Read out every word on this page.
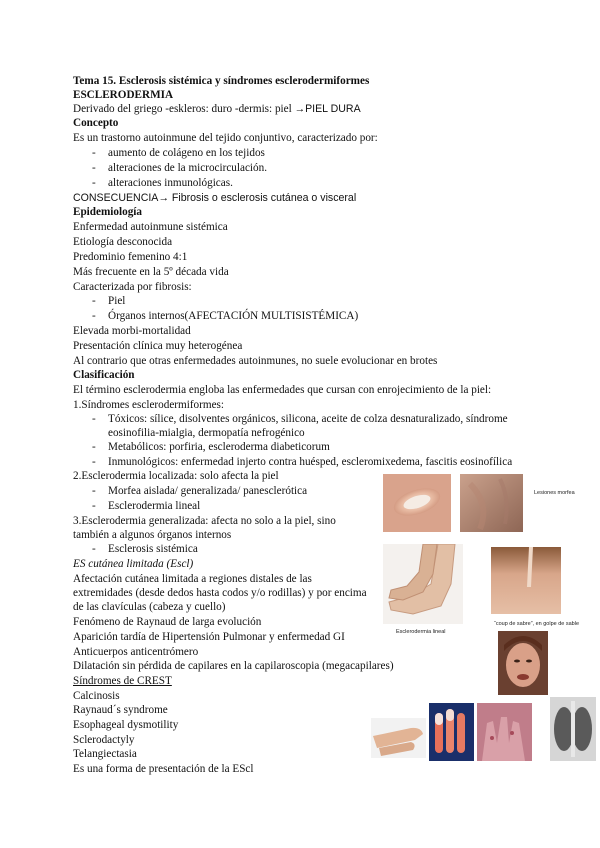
Tema 15. Esclerosis sistémica y síndromes esclerodermiformes
ESCLERODERMIA
Derivado del griego -eskleros: duro -dermis: piel →PIEL DURA
Concepto
Es un trastorno autoinmune del tejido conjuntivo, caracterizado por:
- aumento de colágeno en los tejidos
- alteraciones de la microcirculación.
- alteraciones inmunológicas.
CONSECUENCIA→ Fibrosis o esclerosis cutánea o visceral
Epidemiología
Enfermedad autoinmune sistémica
Etiología desconocida
Predominio femenino 4:1
Más frecuente en la 5º década vida
Caracterizada por fibrosis:
- Piel
- Órganos internos(AFECTACIÓN MULTISISTÉMICA)
Elevada morbi-mortalidad
Presentación clínica muy heterogénea
Al contrario que otras enfermedades autoinmunes, no suele evolucionar en brotes
Clasificación
El término esclerodermia engloba las enfermedades que cursan con enrojecimiento de la piel:
1.Síndromes esclerodermiformes:
- Tóxicos: sílice, disolventes orgánicos, silicona, aceite de colza desnaturalizado, síndrome
eosinofilia-mialgia, dermopatía nefrogénico
- Metabólicos: porfiria, escleroderma diabeticorum
- Inmunológicos: enfermedad injerto contra huésped, escleromixedema, fascitis eosinofílica
2.Esclerodermia localizada: solo afecta la piel
- Morfea aislada/ generalizada/ panesclerótica
- Esclerodermia lineal
3.Esclerodermia generalizada: afecta no solo a la piel, sino
también a algunos órganos internos
- Esclerosis sistémica
ES cutánea limitada (Escl)
Afectación cutánea limitada a regiones distales de las
extremidades (desde dedos hasta codos y/o rodillas) y por encima
de las clavículas (cabeza y cuello)
Fenómeno de Raynaud de larga evolución
Aparición tardía de Hipertensión Pulmonar y enfermedad GI
Anticuerpos anticentrómero
Dilatación sin pérdida de capilares en la capilaroscopia (megacapilares)
Síndromes de CREST
Calcinosis
Raynaud´s syndrome
Esophageal dysmotility
Sclerodactyly
Telangiectasia
Es una forma de presentación de la EScl
Lesiones morfea
Esclerodermia lineal
“coup de sabre”, en golpe de sable
